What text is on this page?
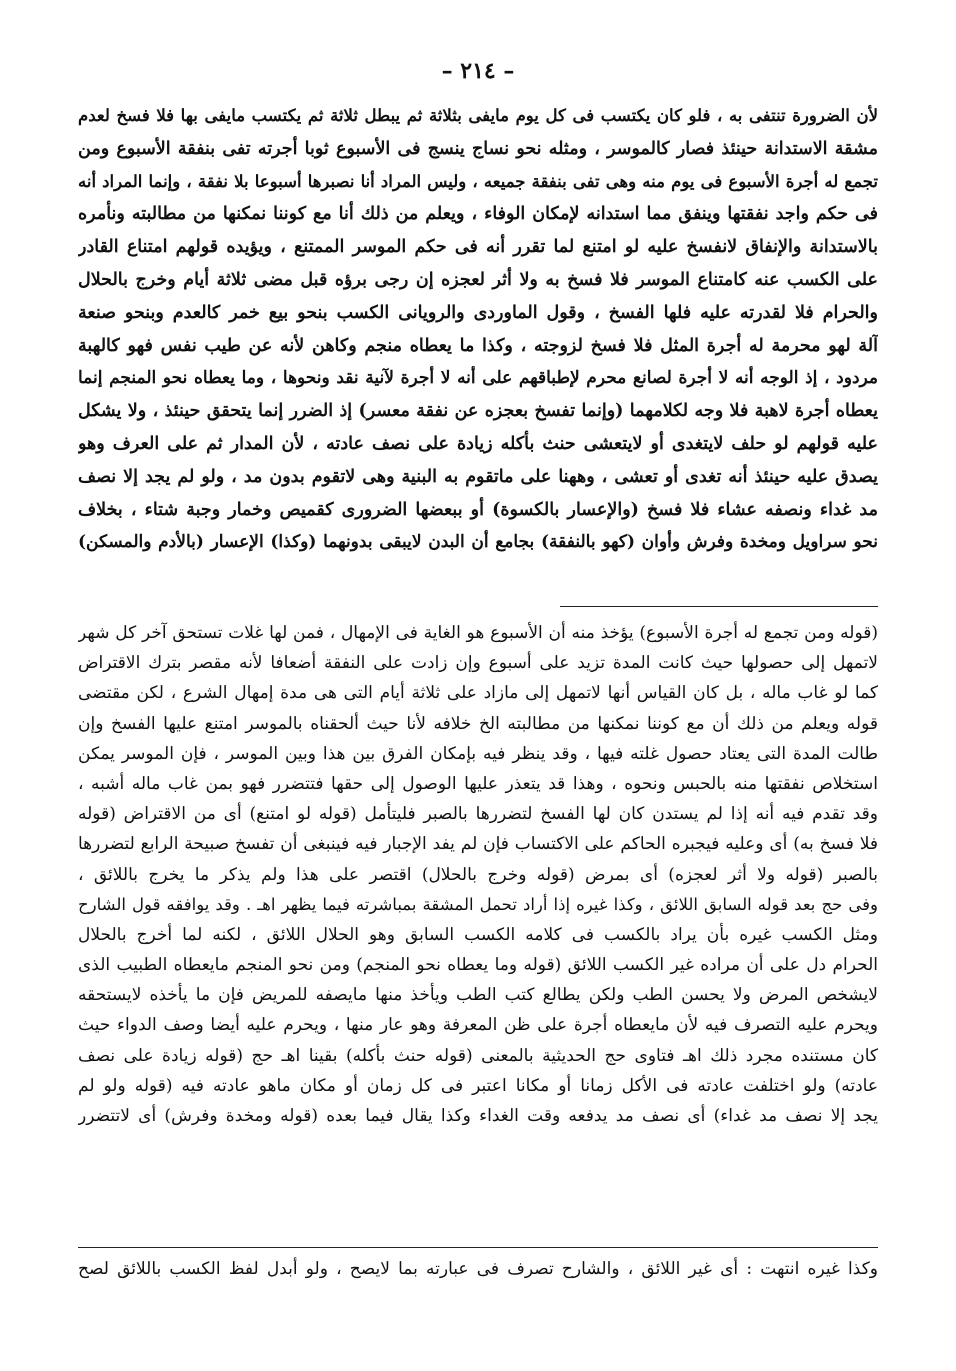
– ٢١٤ –
لأن الضرورة تنتفى به ، فلو كان يكتسب فى كل يوم مايفى بثلاثة ثم يبطل ثلاثة ثم يكتسب مايفى بها فلا فسخ لعدم
مشقة الاستدانة حينئذ فصار كالموسر ، ومثله نحو نساج ينسج فى الأسبوع ثوبا أجرته تفى بنفقة الأسبوع ومن
تجمع له أجرة الأسبوع فى يوم منه وهى تفى بنفقة جميعه ، وليس المراد أنا نصبرها أسبوعا بلا نفقة ، وإنما المراد أنه
فى حكم واجد نفقتها وينفق مما استدانه لإمكان الوفاء ، ويعلم من ذلك أنا مع كوننا نمكنها من مطالبته ونأمره
بالاستدانة والإنفاق لانفسخ عليه لو امتنع لما تقرر أنه فى حكم الموسر الممتنع ، ويؤيده قولهم امتناع القادر
على الكسب عنه كامتناع الموسر فلا فسخ به ولا أثر لعجزه إن رجى برؤه قبل مضى ثلاثة أيام وخرج بالحلال
والحرام فلا لقدرته عليه فلها الفسخ ، وقول الماوردى والرويانى الكسب بنحو بيع خمر كالعدم وبنحو صنعة
آلة لهو محرمة له أجرة المثل فلا فسخ لزوجته ، وكذا ما يعطاه منجم وكاهن لأنه عن طيب نفس فهو كالهبة
مردود ، إذ الوجه أنه لا أجرة لصانع محرم لإطباقهم على أنه لا أجرة لآنية نقد ونحوها ، وما يعطاه نحو المنجم إنما
يعطاه أجرة لاهبة فلا وجه لكلامهما (وإنما تفسخ بعجزه عن نفقة معسر) إذ الضرر إنما يتحقق حينئذ ، ولا يشكل
عليه قولهم لو حلف لايتغدى أو لايتعشى حنث بأكله زيادة على نصف عادته ، لأن المدار ثم على العرف وهو
يصدق عليه حينئذ أنه تغدى أو تعشى ، وههنا على ماتقوم به البنية وهى لاتقوم بدون مد ، ولو لم يجد إلا نصف
مد غداء ونصفه عشاء فلا فسخ (والإعسار بالكسوة) أو ببعضها الضرورى كقميص وخمار وجبة شتاء ، بخلاف
نحو سراويل ومخدة وفرش وأوان (كهو بالنفقة) بجامع أن البدن لايبقى بدونهما (وكذا) الإعسار (بالأدم والمسكن)
(قوله ومن تجمع له أجرة الأسبوع) يؤخذ منه أن الأسبوع هو الغاية فى الإمهال ، فمن لها غلات تستحق آخر كل شهر
لاتمهل إلى حصولها حيث كانت المدة تزيد على أسبوع وإن زادت على النفقة أضعافا لأنه مقصر بترك الاقتراض
كما لو غاب ماله ، بل كان القياس أنها لاتمهل إلى مازاد على ثلاثة أيام التى هى مدة إمهال الشرع ، لكن مقتضى
قوله ويعلم من ذلك أن مع كوننا نمكنها من مطالبته الخ خلافه لأنا حيث ألحقناه بالموسر امتنع عليها الفسخ وإن
طالت المدة التى يعتاد حصول غلته فيها ، وقد ينظر فيه بإمكان الفرق بين هذا وبين الموسر ، فإن الموسر يمكن
استخلاص نفقتها منه بالحبس ونحوه ، وهذا قد يتعذر عليها الوصول إلى حقها فتتضرر فهو بمن غاب ماله أشبه ،
وقد تقدم فيه أنه إذا لم يستدن كان لها الفسخ لتضررها بالصبر فليتأمل (قوله لو امتنع) أى من الاقتراض (قوله
فلا فسخ به) أى وعليه فيجبره الحاكم على الاكتساب فإن لم يفد الإجبار فيه فينبغى أن تفسخ صبيحة الرابع لتضررها
بالصبر (قوله ولا أثر لعجزه) أى بمرض (قوله وخرج بالحلال) اقتصر على هذا ولم يذكر ما يخرج باللائق ،
وفى حج بعد قوله السابق اللائق ، وكذا غيره إذا أراد تحمل المشقة بمباشرته فيما يظهر اهـ . وقد يوافقه قول الشارح
ومثل الكسب غيره بأن يراد بالكسب فى كلامه الكسب السابق وهو الحلال اللائق ، لكنه لما أخرج بالحلال
الحرام دل على أن مراده غير الكسب اللائق (قوله وما يعطاه نحو المنجم) ومن نحو المنجم مايعطاه الطبيب الذى
لايشخص المرض ولا يحسن الطب ولكن يطالع كتب الطب ويأخذ منها مايصفه للمريض فإن ما يأخذه لايستحقه
ويحرم عليه التصرف فيه لأن مايعطاه أجرة على ظن المعرفة وهو عار منها ، ويحرم عليه أيضا وصف الدواء حيث
كان مستنده مجرد ذلك اهـ فتاوى حج الحديثية بالمعنى (قوله حنث بأكله) بقينا اهـ حج (قوله زيادة على نصف
عادته) ولو اختلفت عادته فى الأكل زمانا أو مكانا اعتبر فى كل زمان أو مكان ماهو عادته فيه (قوله ولو لم
يجد إلا نصف مد غداء) أى نصف مد يدفعه وقت الغداء وكذا يقال فيما بعده (قوله ومخدة وفرش) أى لاتتضرر
وكذا غيره انتهت : أى غير اللائق ، والشارح تصرف فى عبارته بما لايصح ، ولو أبدل لفظ الكسب باللائق لصح
